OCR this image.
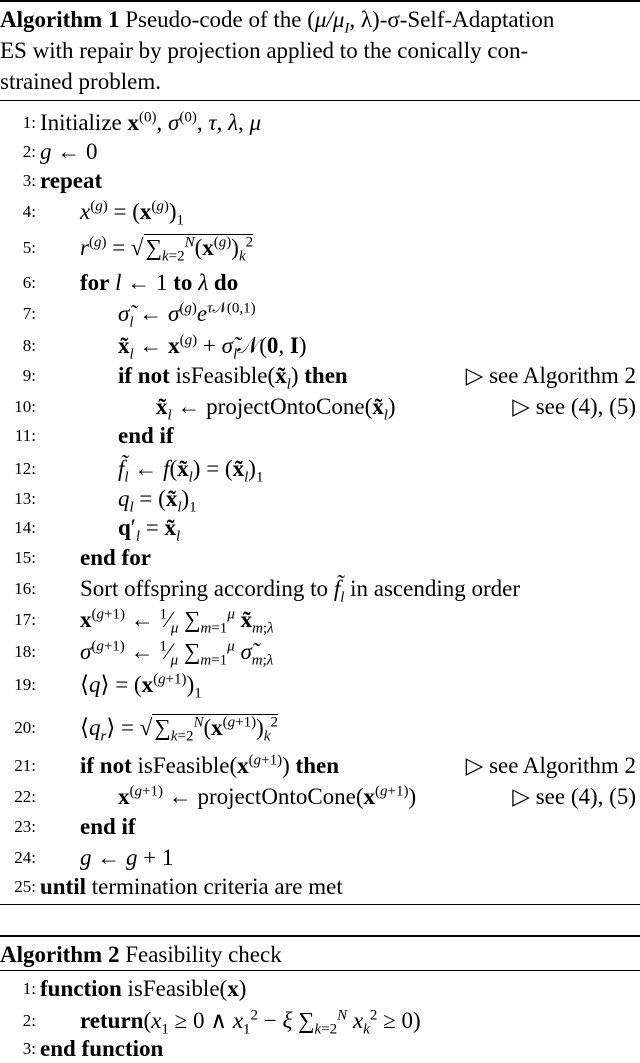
Algorithm 1 Pseudo-code of the ($\mu/\mu_I$, λ)-σ-Self-Adaptation
ES with repair by projection applied to the conically con-
strained problem.
1: Initialize $x^{(0)}$, $\sigma^{(0)}$, τ, λ, μ
2: g ← 0
3: repeat
4: $x^{(g)} = (x^{(g)})_1$
5: $r^{(g)} = √\sum_{k=2}^N(x^{(g)})_k^2$
6: for l ← 1 to λ do
7:	$\sigmã_l$ ← $\sigma^{(g)}e^{\tau 𝒩(0,1)}$
8:	$x̃_l$ ← $x^{(g)}$ + $\sigmã_l𝒩(0$, I)
9:	if not $isFeasible(x̃_l)$ then	▷ see Algorithm 2
10:	$x̃_l$ ← $projectOntoCone(x̃_l)$	▷ see (4), (5)
11:	end if
12:	$f̃_l$ ← $f(x̃_l)$ = $(x̃_l)_1$
13:	$q_l$ = $(x̃_l)_1$
14:	$q'_l$ = $x̃_l$
15: end for
16: Sort offspring according to $f̃_l$ in ascending order
17: $x^{(g+1)}$ ← $^1⁄_\mu$ $\sum_{m=1}^\mu$ $x̃_{m;\lambda}$
18: $\sigma^{(g+1)}$ ← $^1⁄_\mu$ $\sum_{m=1}^\mu$ $\sigmã_{m;\lambda}$
19: ⟨q⟩ = $(x^{(g+1)})_1$
20: $⟨q_r⟩ = √\sum_{k=2}^N(x^{(g+1)})_k^2$
21: if not $isFeasible(x^{(g+1)})$ then	▷ see Algorithm 2
22:	$x^{(g+1)}$ ← $projectOntoCone(x^{(g+1)})$	▷ see (4), (5)
23: end if
24: g ← g + 1
25: until termination criteria are met
Algorithm 2 Feasibility check
1: function isFeasible(x)
2: $return(x_1 \ge 0$ ∧ $x_1^2 - \xi$ $\sum_{k=2}^N$ $x_k^2 \ge 0$)
3: end function
